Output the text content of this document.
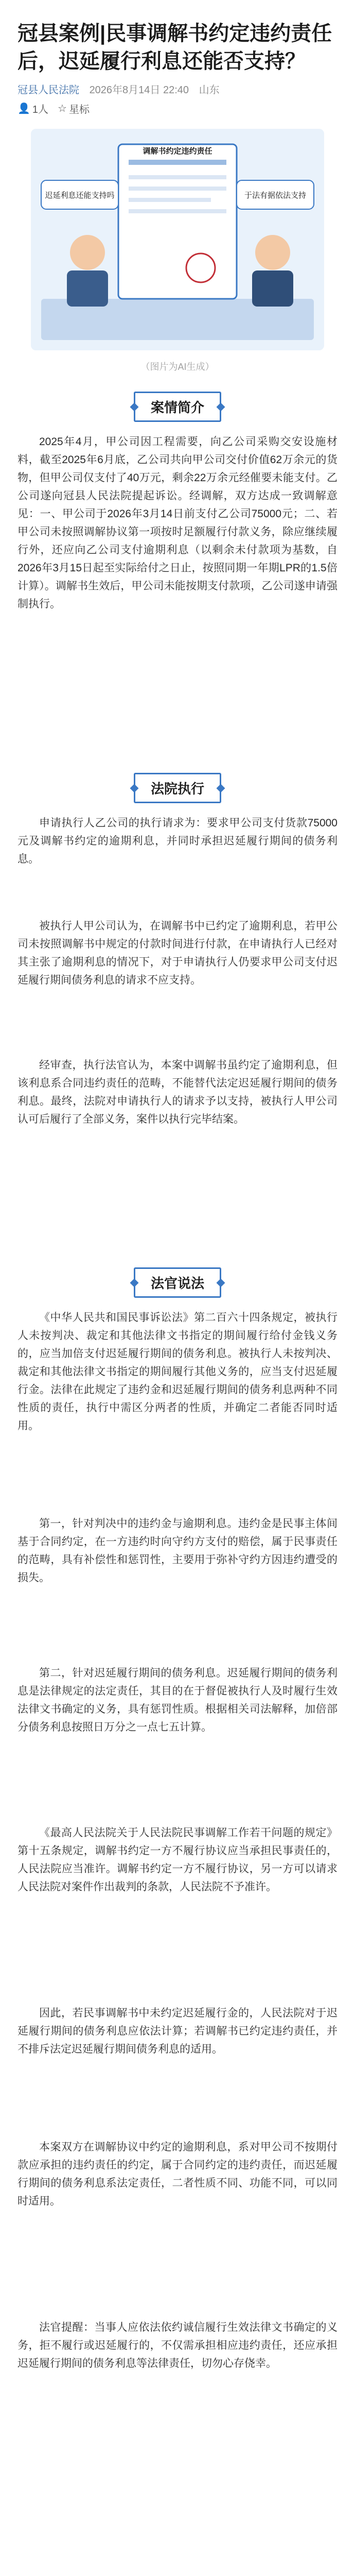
冠县案例|民事调解书约定违约责任后，迟延履行利息还能否支持？
冠县人民法院 2026年8月14日 22:40 山东
👤 1人 ☆ 星标
迟延利息还能支持吗
调解书约定违约责任
于法有据依法支持
（图片为AI生成）
案情简介

2025年4月，甲公司因工程需要，向乙公司采购交安设施材料，截至2025年6月底，乙公司共向甲公司交付价值62万余元的货物，但甲公司仅支付了40万元，剩余22万余元经催要未能支付。乙公司遂向冠县人民法院提起诉讼。经调解，双方达成一致调解意见：一、甲公司于2026年3月14日前支付乙公司75000元；二、若甲公司未按照调解协议第一项按时足额履行付款义务，除应继续履行外，还应向乙公司支付逾期利息（以剩余未付款项为基数，自2026年3月15日起至实际给付之日止，按照同期一年期LPR的1.5倍计算）。调解书生效后，甲公司未能按期支付款项，乙公司遂申请强制执行。

法院执行

申请执行人乙公司的执行请求为：要求甲公司支付货款75000元及调解书约定的逾期利息，并同时承担迟延履行期间的债务利息。

被执行人甲公司认为，在调解书中已约定了逾期利息，若甲公司未按照调解书中规定的付款时间进行付款，在申请执行人已经对其主张了逾期利息的情况下，对于申请执行人仍要求甲公司支付迟延履行期间债务利息的请求不应支持。

经审查，执行法官认为，本案中调解书虽约定了逾期利息，但该利息系合同违约责任的范畴，不能替代法定迟延履行期间的债务利息。最终，法院对申请执行人的请求予以支持，被执行人甲公司认可后履行了全部义务，案件以执行完毕结案。

法官说法

《中华人民共和国民事诉讼法》第二百六十四条规定，被执行人未按判决、裁定和其他法律文书指定的期间履行给付金钱义务的，应当加倍支付迟延履行期间的债务利息。被执行人未按判决、裁定和其他法律文书指定的期间履行其他义务的，应当支付迟延履行金。法律在此规定了违约金和迟延履行期间的债务利息两种不同性质的责任，执行中需区分两者的性质，并确定二者能否同时适用。

第一，针对判决中的违约金与逾期利息。违约金是民事主体间基于合同约定，在一方违约时向守约方支付的赔偿，属于民事责任的范畴，具有补偿性和惩罚性，主要用于弥补守约方因违约遭受的损失。

第二，针对迟延履行期间的债务利息。迟延履行期间的债务利息是法律规定的法定责任，其目的在于督促被执行人及时履行生效法律文书确定的义务，具有惩罚性质。根据相关司法解释，加倍部分债务利息按照日万分之一点七五计算。

《最高人民法院关于人民法院民事调解工作若干问题的规定》第十五条规定，调解书约定一方不履行协议应当承担民事责任的，人民法院应当准许。调解书约定一方不履行协议，另一方可以请求人民法院对案件作出裁判的条款，人民法院不予准许。

因此，若民事调解书中未约定迟延履行金的，人民法院对于迟延履行期间的债务利息应依法计算；若调解书已约定违约责任，并不排斥法定迟延履行期间债务利息的适用。

本案双方在调解协议中约定的逾期利息，系对甲公司不按期付款应承担的违约责任的约定，属于合同约定的违约责任，而迟延履行期间的债务利息系法定责任，二者性质不同、功能不同，可以同时适用。

法官提醒：当事人应依法依约诚信履行生效法律文书确定的义务，拒不履行或迟延履行的，不仅需承担相应违约责任，还应承担迟延履行期间的债务利息等法律责任，切勿心存侥幸。
